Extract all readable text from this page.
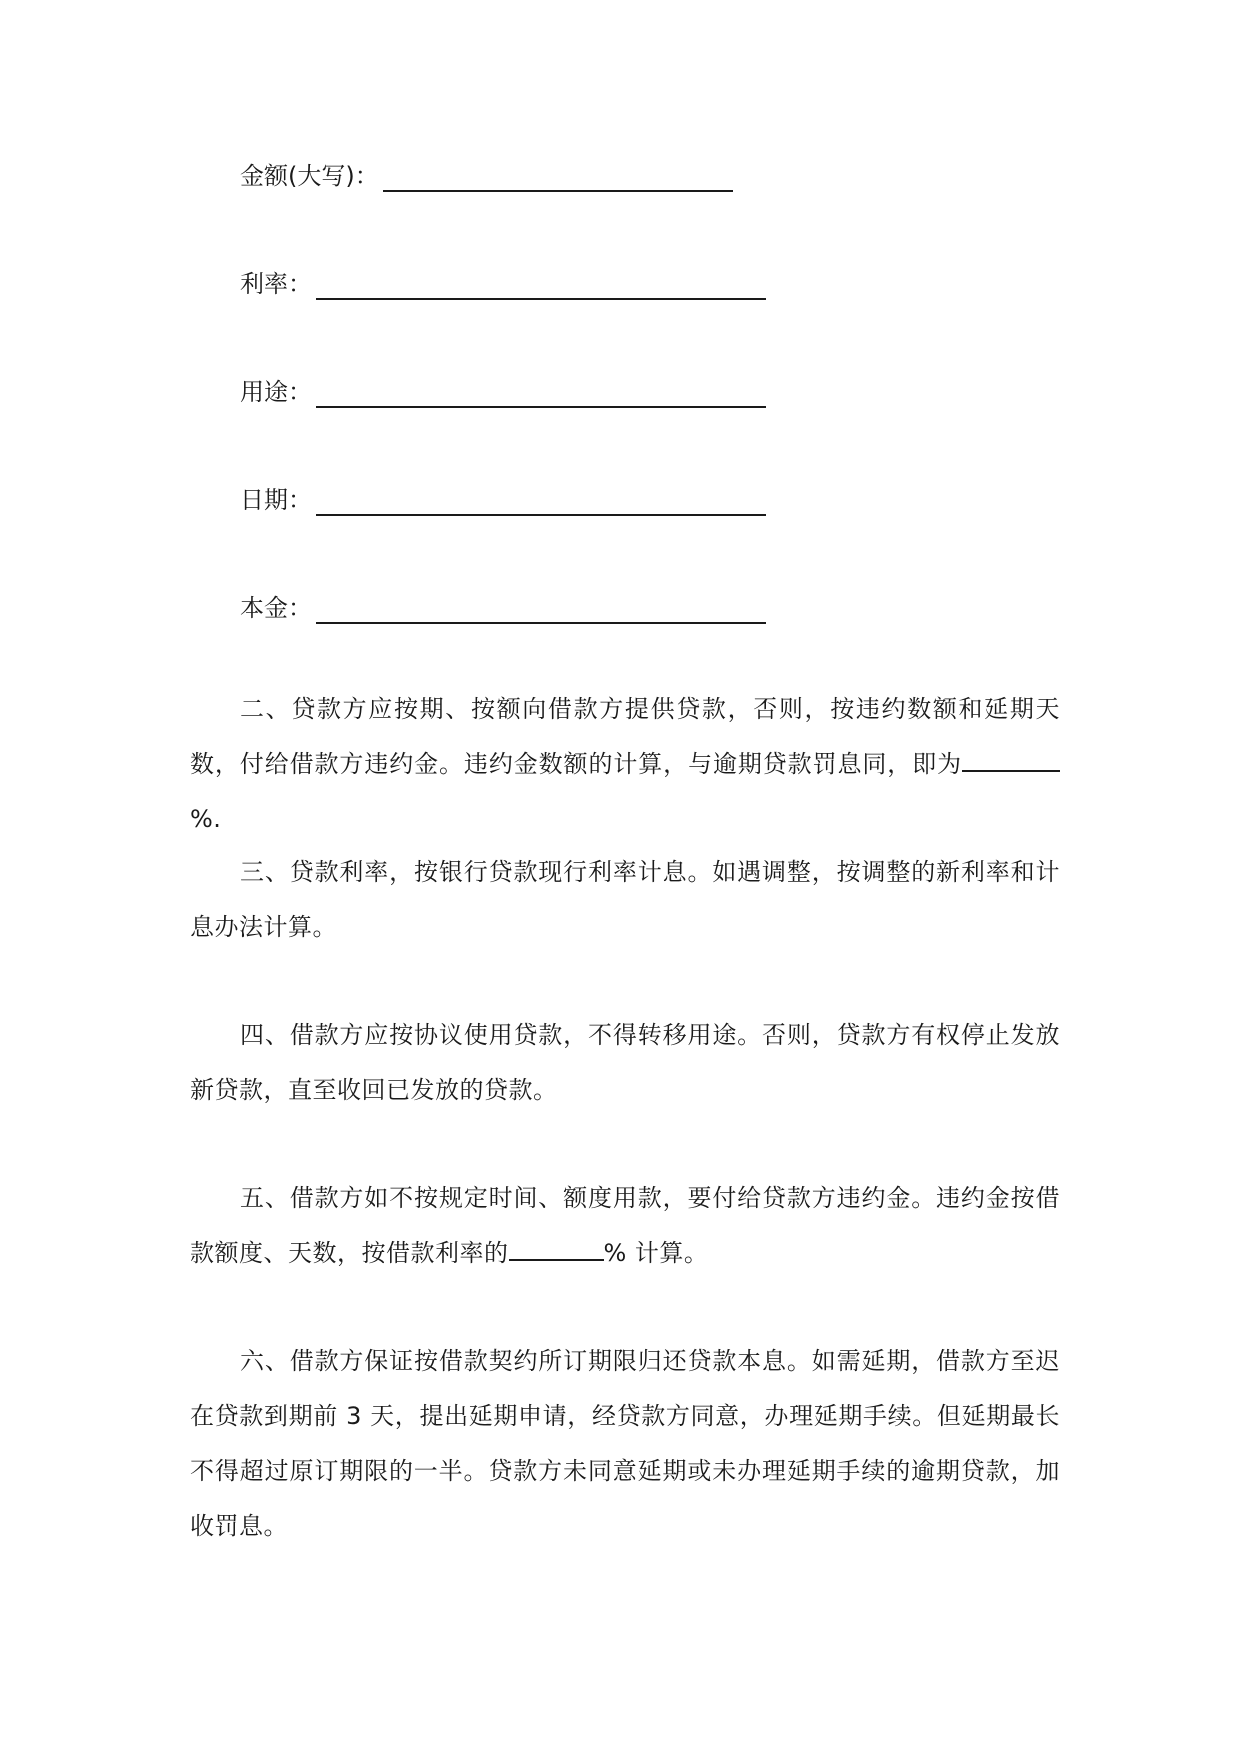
金额(大写)：
利率：
用途：
日期：
本金：

二、贷款方应按期、按额向借款方提供贷款，否则，按违约数额和延期天数，付给借款方违约金。违约金数额的计算，与逾期贷款罚息同，即为%.

三、贷款利率，按银行贷款现行利率计息。如遇调整，按调整的新利率和计息办法计算。

四、借款方应按协议使用贷款，不得转移用途。否则，贷款方有权停止发放新贷款，直至收回已发放的贷款。

五、借款方如不按规定时间、额度用款，要付给贷款方违约金。违约金按借款额度、天数，按借款利率的	% 计算。

六、借款方保证按借款契约所订期限归还贷款本息。如需延期，借款方至迟在贷款到期前 3 天，提出延期申请，经贷款方同意，办理延期手续。但延期最长不得超过原订期限的一半。贷款方未同意延期或未办理延期手续的逾期贷款，加收罚息。
